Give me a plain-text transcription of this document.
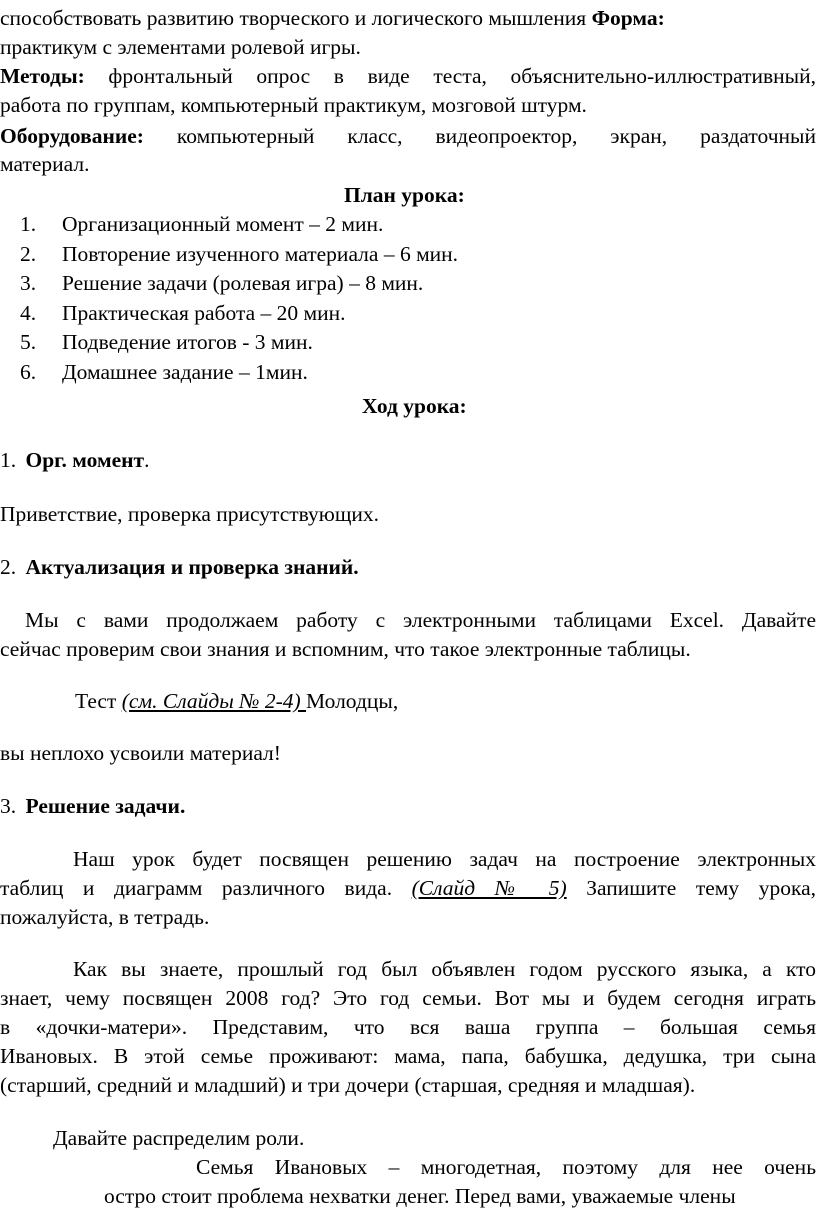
способствовать развитию творческого и логического мышления Форма:
практикум с элементами ролевой игры.
Методы: фронтальный опрос в виде теста, объяснительно-иллюстративный,
работа по группам, компьютерный практикум, мозговой штурм.
Оборудование: компьютерный класс, видеопроектор, экран, раздаточный
материал.
План урока:
1. Организационный момент – 2 мин.
2. Повторение изученного материала – 6 мин.
3. Решение задачи (ролевая игра) – 8 мин.
4. Практическая работа – 20 мин.
5. Подведение итогов - 3 мин.
6. Домашнее задание – 1мин.
Ход урока:
1. Орг. момент.
Приветствие, проверка присутствующих.
2. Актуализация и проверка знаний.
Мы с вами продолжаем работу с электронными таблицами Excel. Давайте
сейчас проверим свои знания и вспомним, что такое электронные таблицы.
Тест (см. Слайды № 2-4) Молодцы,
вы неплохо усвоили материал!
3. Решение задачи.
Наш урок будет посвящен решению задач на построение электронных
таблиц и диаграмм различного вида. (Слайд № 5) Запишите тему урока,
пожалуйста, в тетрадь.
Как вы знаете, прошлый год был объявлен годом русского языка, а кто
знает, чему посвящен 2008 год? Это год семьи. Вот мы и будем сегодня играть
в «дочки-матери». Представим, что вся ваша группа – большая семья
Ивановых. В этой семье проживают: мама, папа, бабушка, дедушка, три сына
(старший, средний и младший) и три дочери (старшая, средняя и младшая).
Давайте распределим роли.
Семья Ивановых – многодетная, поэтому для нее очень
остро стоит проблема нехватки денег. Перед вами, уважаемые члены
